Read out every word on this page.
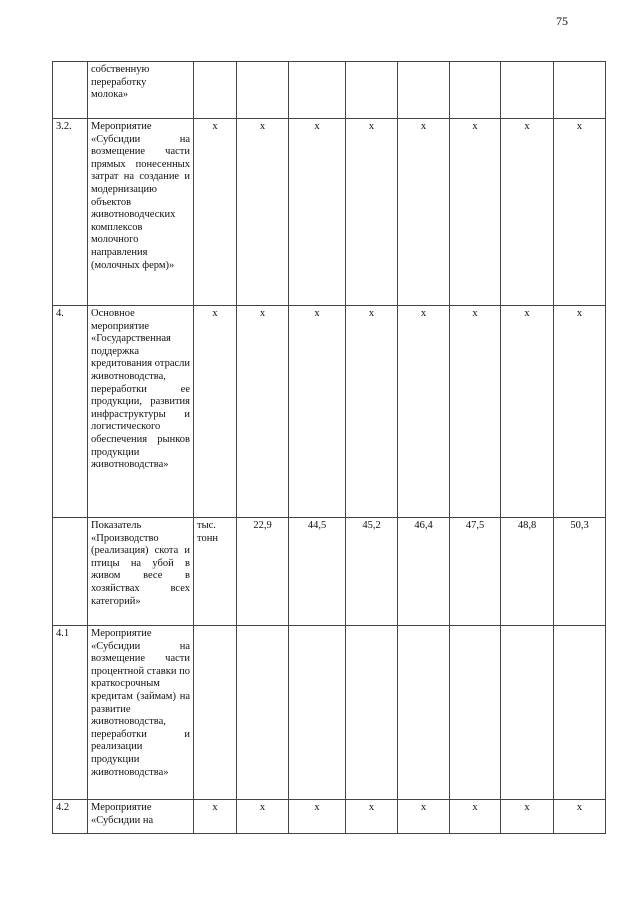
75

	собственную
переработку
молока»								

3.2.	Мероприятие «Субсидии на возмещение части прямых понесенных затрат на создание и модернизацию объектов животноводческих комплексов молочного направления (молочных ферм)»	х	х	х	х	х	х	х	х
4.	Основное мероприятие «Государственная поддержка кредитования отрасли животноводства, переработки ее продукции, развития инфраструктуры и логистического обеспечения рынков продукции животноводства»	х	х	х	х	х	х	х	х
	Показатель «Производство (реализация) скота и птицы на убой в живом весе в хозяйствах всех категорий»	тыс. тонн	22,9	44,5	45,2	46,4	47,5	48,8	50,3
4.1	Мероприятие «Субсидии на возмещение части процентной ставки по краткосрочным кредитам (займам) на развитие животноводства, переработки и реализации продукции животноводства»								
4.2	Мероприятие «Субсидии на	х	х	х	х	х	х	х	х
